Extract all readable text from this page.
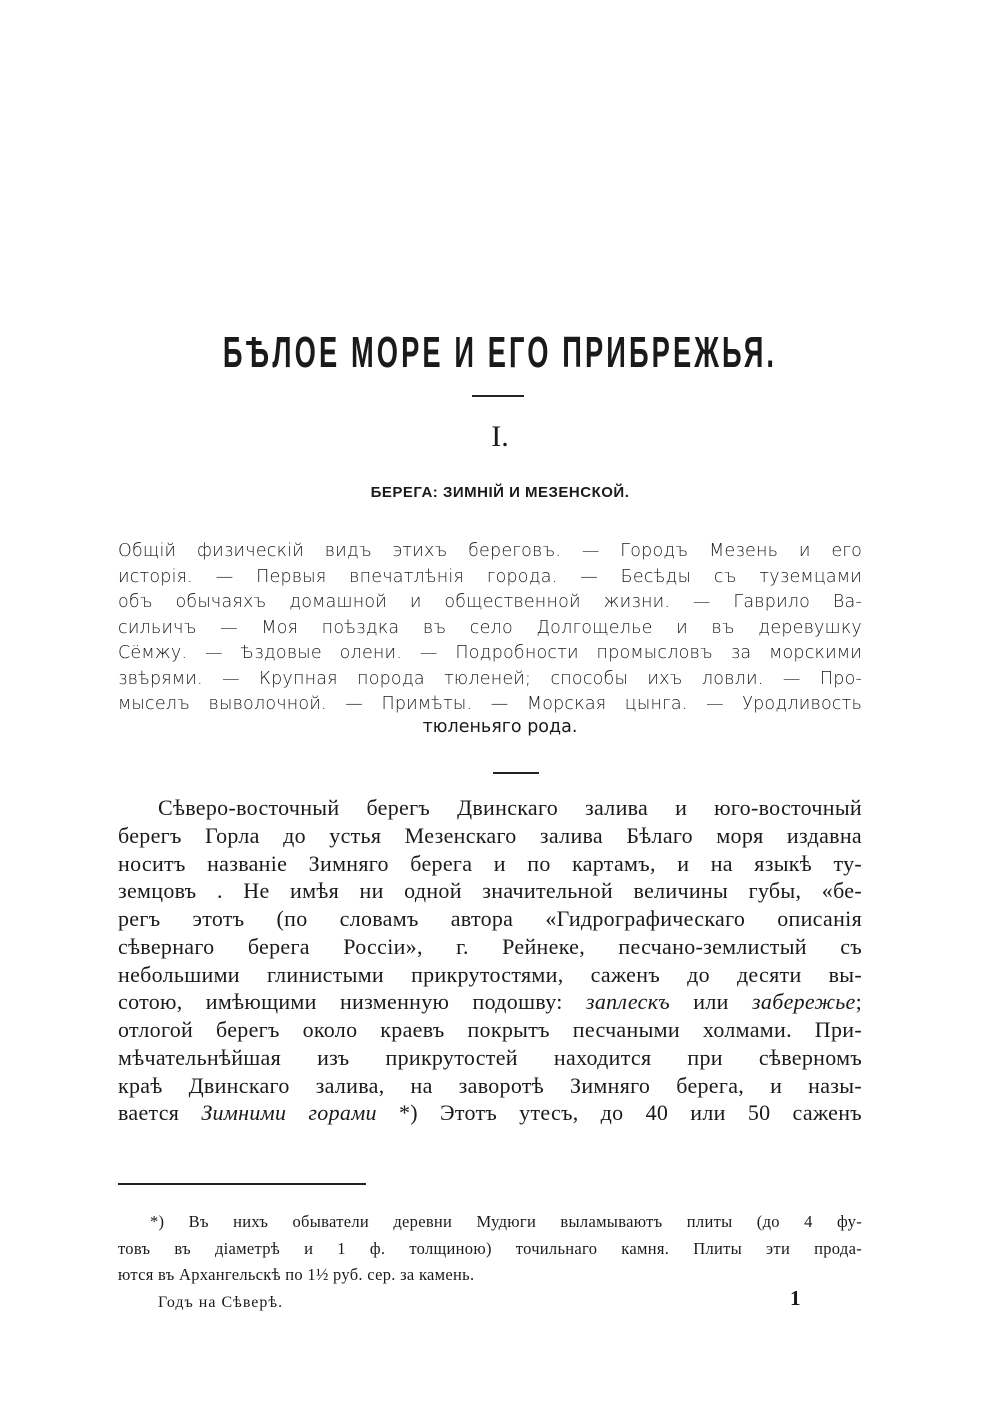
БѢЛОЕ МОРЕ И ЕГО ПРИБРЕЖЬЯ.
I.
БЕРЕГА: ЗИМНІЙ И МЕЗЕНСКОЙ.
Общій физическій видъ этихъ береговъ. — Городъ Мезень и его
исторія. — Первыя впечатлѣнія города. — Бесѣды съ туземцами
объ обычаяхъ домашной и общественной жизни. — Гаврило Ва-
сильичъ — Моя поѣздка въ село Долгощелье и въ деревушку
Сёмжу. — Ѣздовые олени. — Подробности промысловъ за морскими
звѣрями. — Крупная порода тюленей; способы ихъ ловли. — Про-
мыселъ выволочной. — Примѣты. — Морская цынга. — Уродливость
тюленьяго рода.
Сѣверо-восточный берегъ Двинскаго залива и юго-восточный
берегъ Горла до устья Мезенскаго залива Бѣлаго моря издавна
носитъ названіе Зимняго берега и по картамъ, и на языкѣ ту-
земцовъ . Не имѣя ни одной значительной величины губы, «бе-
регъ этотъ (по словамъ автора «Гидрографическаго описанія
сѣвернаго берега Россіи», г. Рейнеке, песчано-землистый съ
небольшими глинистыми прикрутостями, саженъ до десяти вы-
сотою, имѣющими низменную подошву: заплескъ или забережье;
отлогой берегъ около краевъ покрытъ песчаными холмами. При-
мѣчательнѣйшая изъ прикрутостей находится при сѣверномъ
краѣ Двинскаго залива, на заворотѣ Зимняго берега, и назы-
вается Зимними горами *) Этотъ утесъ, до 40 или 50 саженъ
*) Въ нихъ обыватели деревни Мудюги выламываютъ плиты (до 4 фу-
товъ въ діаметрѣ и 1 ф. толщиною) точильнаго камня. Плиты эти прода-
ются въ Архангельскѣ по 1½ руб. сер. за камень.
Годъ на Сѣверѣ.	1
